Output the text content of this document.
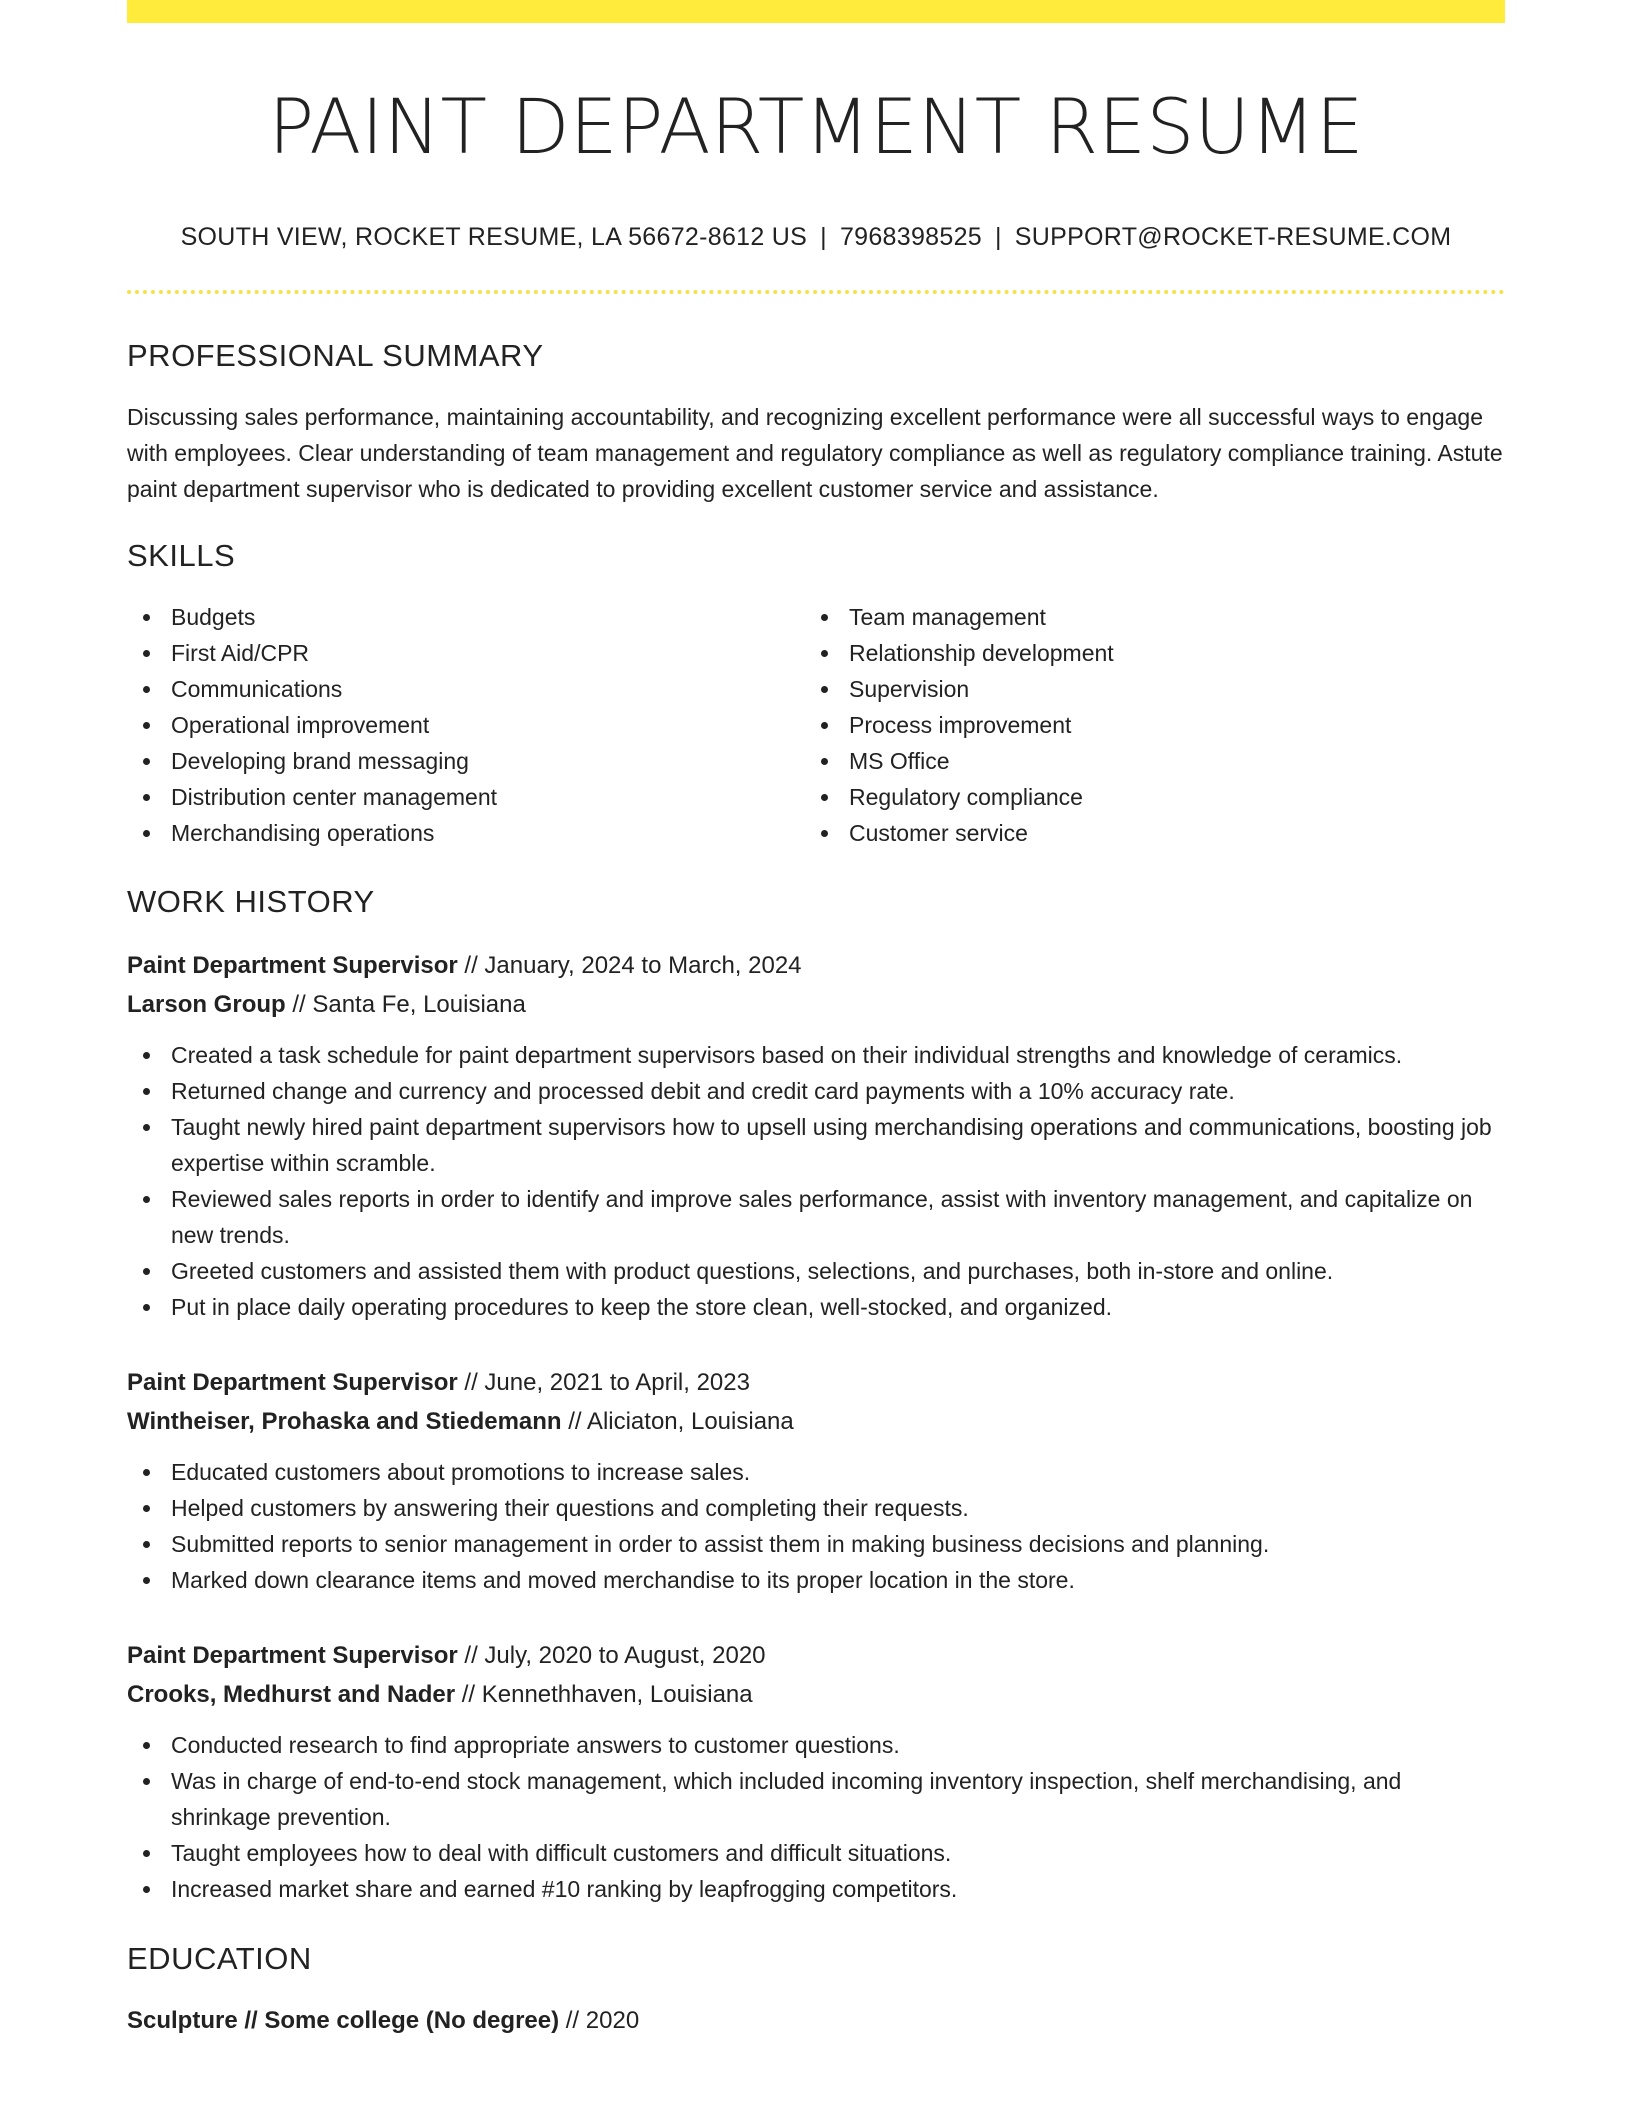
PAINT DEPARTMENT RESUME
SOUTH VIEW, ROCKET RESUME, LA 56672-8612 US | 7968398525 | SUPPORT@ROCKET-RESUME.COM
PROFESSIONAL SUMMARY

Discussing sales performance, maintaining accountability, and recognizing excellent performance were all successful ways to engage with employees. Clear understanding of team management and regulatory compliance as well as regulatory compliance training. Astute paint department supervisor who is dedicated to providing excellent customer service and assistance.

SKILLS
Budgets
First Aid/CPR
Communications
Operational improvement
Developing brand messaging
Distribution center management
Merchandising operations
Team management
Relationship development
Supervision
Process improvement
MS Office
Regulatory compliance
Customer service
WORK HISTORY
Paint Department Supervisor // January, 2024 to March, 2024
Larson Group // Santa Fe, Louisiana
Created a task schedule for paint department supervisors based on their individual strengths and knowledge of ceramics.
Returned change and currency and processed debit and credit card payments with a 10% accuracy rate.
Taught newly hired paint department supervisors how to upsell using merchandising operations and communications, boosting job expertise within scramble.
Reviewed sales reports in order to identify and improve sales performance, assist with inventory management, and capitalize on new trends.
Greeted customers and assisted them with product questions, selections, and purchases, both in-store and online.
Put in place daily operating procedures to keep the store clean, well-stocked, and organized.
Paint Department Supervisor // June, 2021 to April, 2023
Wintheiser, Prohaska and Stiedemann // Aliciaton, Louisiana
Educated customers about promotions to increase sales.
Helped customers by answering their questions and completing their requests.
Submitted reports to senior management in order to assist them in making business decisions and planning.
Marked down clearance items and moved merchandise to its proper location in the store.
Paint Department Supervisor // July, 2020 to August, 2020
Crooks, Medhurst and Nader // Kennethhaven, Louisiana
Conducted research to find appropriate answers to customer questions.
Was in charge of end-to-end stock management, which included incoming inventory inspection, shelf merchandising, and shrinkage prevention.
Taught employees how to deal with difficult customers and difficult situations.
Increased market share and earned #10 ranking by leapfrogging competitors.
EDUCATION
Sculpture // Some college (No degree) // 2020
